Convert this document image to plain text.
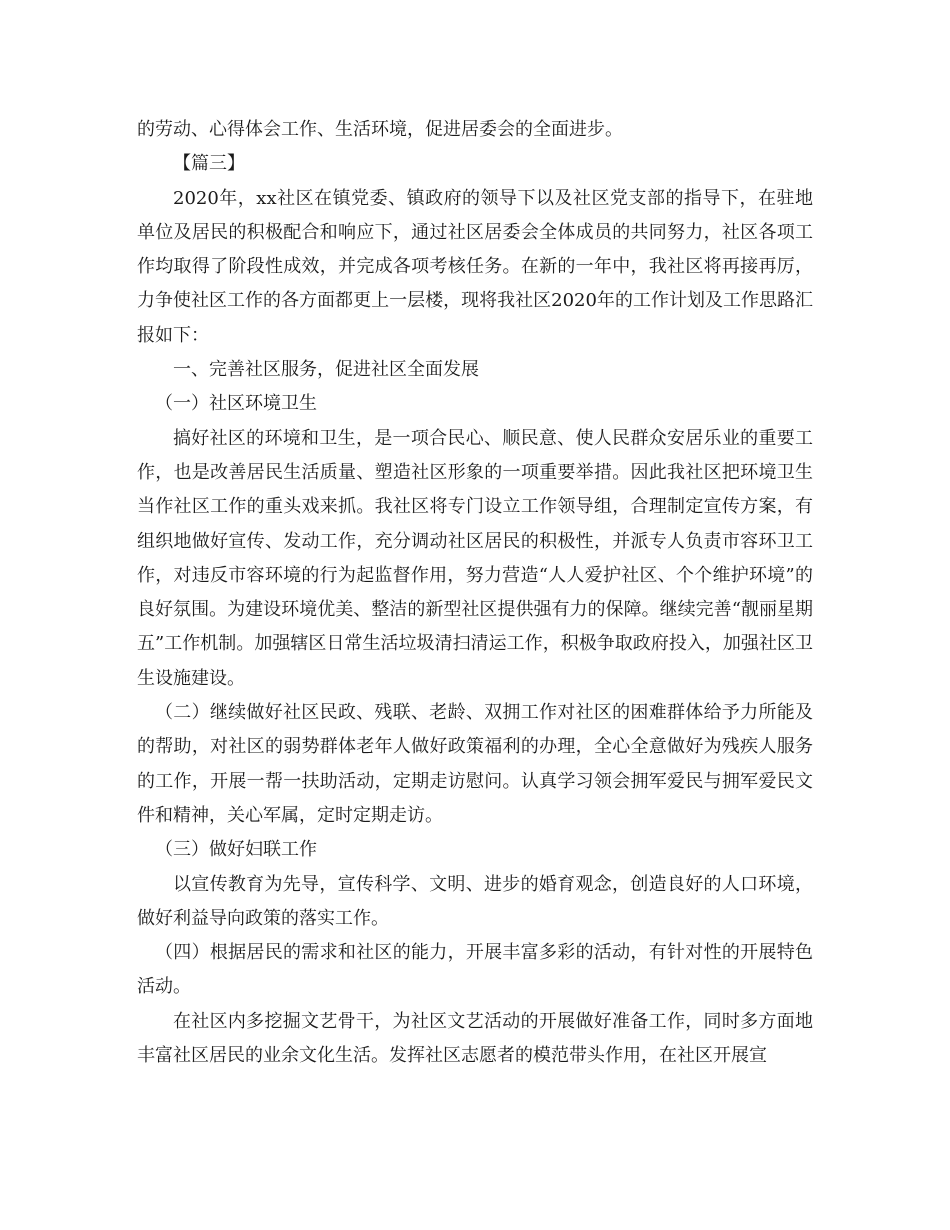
的劳动、心得体会工作、生活环境，促进居委会的全面进步。

【篇三】

2020年，xx社区在镇党委、镇政府的领导下以及社区党支部的指导下，在驻地单位及居民的积极配合和响应下，通过社区居委会全体成员的共同努力，社区各项工作均取得了阶段性成效，并完成各项考核任务。在新的一年中，我社区将再接再厉，力争使社区工作的各方面都更上一层楼，现将我社区2020年的工作计划及工作思路汇报如下：

一、完善社区服务，促进社区全面发展

（一）社区环境卫生

搞好社区的环境和卫生，是一项合民心、顺民意、使人民群众安居乐业的重要工作，也是改善居民生活质量、塑造社区形象的一项重要举措。因此我社区把环境卫生当作社区工作的重头戏来抓。我社区将专门设立工作领导组，合理制定宣传方案，有组织地做好宣传、发动工作，充分调动社区居民的积极性，并派专人负责市容环卫工作，对违反市容环境的行为起监督作用，努力营造“人人爱护社区、个个维护环境”的良好氛围。为建设环境优美、整洁的新型社区提供强有力的保障。继续完善“靓丽星期五”工作机制。加强辖区日常生活垃圾清扫清运工作，积极争取政府投入，加强社区卫生设施建设。

（二）继续做好社区民政、残联、老龄、双拥工作对社区的困难群体给予力所能及的帮助，对社区的弱势群体老年人做好政策福利的办理，全心全意做好为残疾人服务的工作，开展一帮一扶助活动，定期走访慰问。认真学习领会拥军爱民与拥军爱民文件和精神，关心军属，定时定期走访。

（三）做好妇联工作

以宣传教育为先导，宣传科学、文明、进步的婚育观念，创造良好的人口环境，做好利益导向政策的落实工作。

（四）根据居民的需求和社区的能力，开展丰富多彩的活动，有针对性的开展特色活动。

在社区内多挖掘文艺骨干，为社区文艺活动的开展做好准备工作，同时多方面地丰富社区居民的业余文化生活。发挥社区志愿者的模范带头作用，在社区开展宣
